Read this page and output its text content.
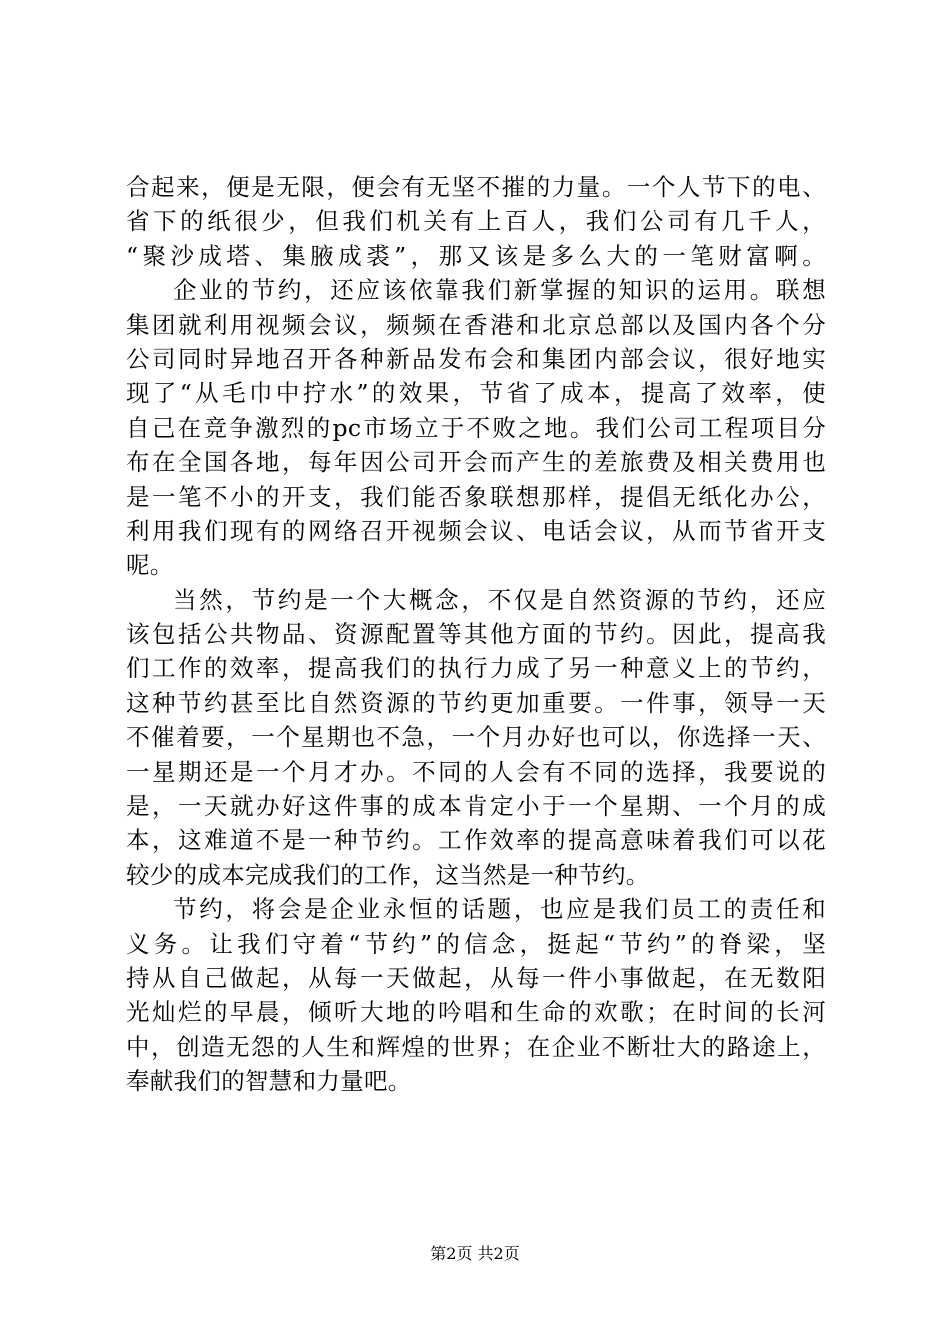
合起来，便是无限，便会有无坚不摧的力量。一个人节下的电、
省下的纸很少，但我们机关有上百人，我们公司有几千人，
“聚沙成塔、集腋成裘”，那又该是多么大的一笔财富啊。
企业的节约，还应该依靠我们新掌握的知识的运用。联想
集团就利用视频会议，频频在香港和北京总部以及国内各个分
公司同时异地召开各种新品发布会和集团内部会议，很好地实
现了“从毛巾中拧水”的效果，节省了成本，提高了效率，使
自己在竞争激烈的pc市场立于不败之地。我们公司工程项目分
布在全国各地，每年因公司开会而产生的差旅费及相关费用也
是一笔不小的开支，我们能否象联想那样，提倡无纸化办公，
利用我们现有的网络召开视频会议、电话会议，从而节省开支
呢。
当然，节约是一个大概念，不仅是自然资源的节约，还应
该包括公共物品、资源配置等其他方面的节约。因此，提高我
们工作的效率，提高我们的执行力成了另一种意义上的节约，
这种节约甚至比自然资源的节约更加重要。一件事，领导一天
不催着要，一个星期也不急，一个月办好也可以，你选择一天、
一星期还是一个月才办。不同的人会有不同的选择，我要说的
是，一天就办好这件事的成本肯定小于一个星期、一个月的成
本，这难道不是一种节约。工作效率的提高意味着我们可以花
较少的成本完成我们的工作，这当然是一种节约。
节约，将会是企业永恒的话题，也应是我们员工的责任和
义务。让我们守着“节约”的信念，挺起“节约”的脊梁，坚
持从自己做起，从每一天做起，从每一件小事做起，在无数阳
光灿烂的早晨，倾听大地的吟唱和生命的欢歌；在时间的长河
中，创造无怨的人生和辉煌的世界；在企业不断壮大的路途上，
奉献我们的智慧和力量吧。
第2页 共2页
